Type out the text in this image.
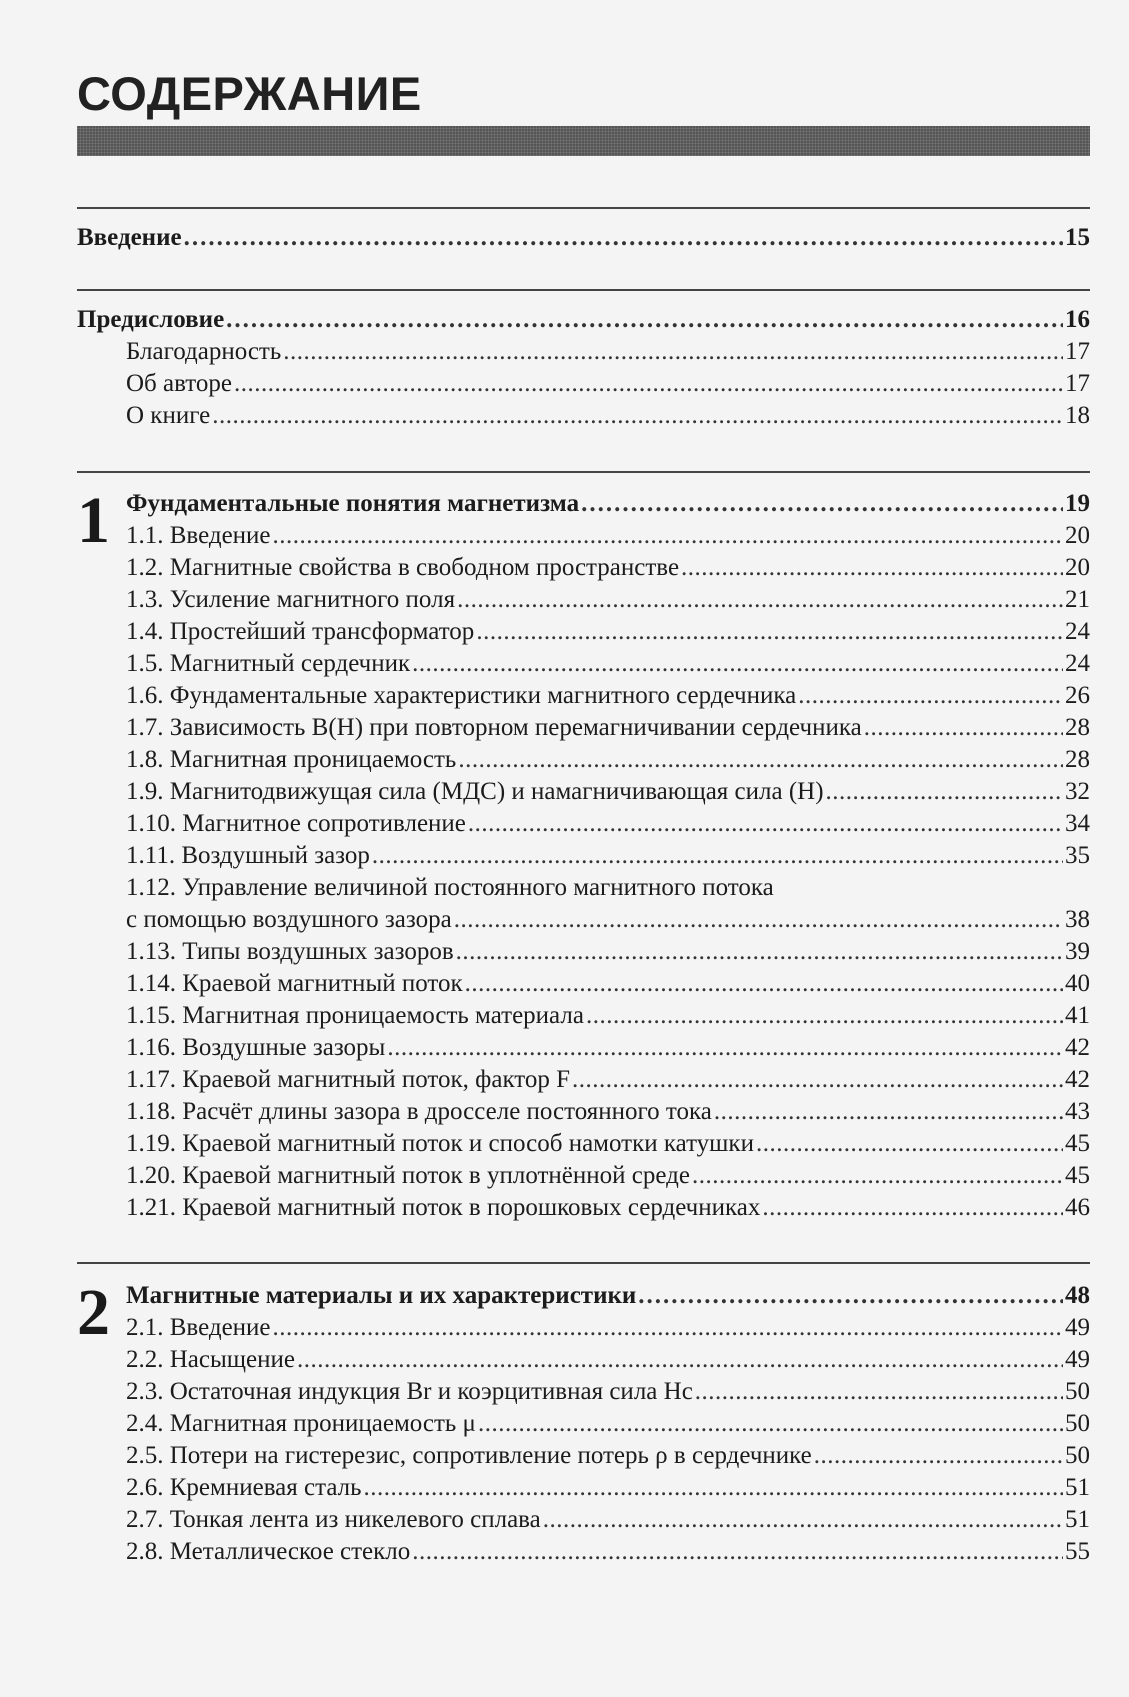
СОДЕРЖАНИЕ
Введение .....	15
Предисловие .....	16
Благодарность .....	17
Об авторе .....	17
О книге .....	18
1 Фундаментальные понятия магнетизма .....	19
1.1. Введение .....	20
1.2. Магнитные свойства в свободном пространстве .....	20
1.3. Усиление магнитного поля .....	21
1.4. Простейший трансформатор .....	24
1.5. Магнитный сердечник .....	24
1.6. Фундаментальные характеристики магнитного сердечника .....	26
1.7. Зависимость B(H) при повторном перемагничивании сердечника .....	28
1.8. Магнитная проницаемость .....	28
1.9. Магнитодвижущая сила (МДС) и намагничивающая сила (H) .....	32
1.10. Магнитное сопротивление .....	34
1.11. Воздушный зазор .....	35
1.12. Управление величиной постоянного магнитного потока
с помощью воздушного зазора .....	38
1.13. Типы воздушных зазоров .....	39
1.14. Краевой магнитный поток .....	40
1.15. Магнитная проницаемость материала .....	41
1.16. Воздушные зазоры .....	42
1.17. Краевой магнитный поток, фактор F .....	42
1.18. Расчёт длины зазора в дросселе постоянного тока .....	43
1.19. Краевой магнитный поток и способ намотки катушки .....	45
1.20. Краевой магнитный поток в уплотнённой среде .....	45
1.21. Краевой магнитный поток в порошковых сердечниках .....	46
2 Магнитные материалы и их характеристики .....	48
2.1. Введение .....	49
2.2. Насыщение .....	49
2.3. Остаточная индукция Br и коэрцитивная сила Hc .....	50
2.4. Магнитная проницаемость μ .....	50
2.5. Потери на гистерезис, сопротивление потерь ρ в сердечнике .....	50
2.6. Кремниевая сталь .....	51
2.7. Тонкая лента из никелевого сплава .....	51
2.8. Металлическое стекло .....	55
